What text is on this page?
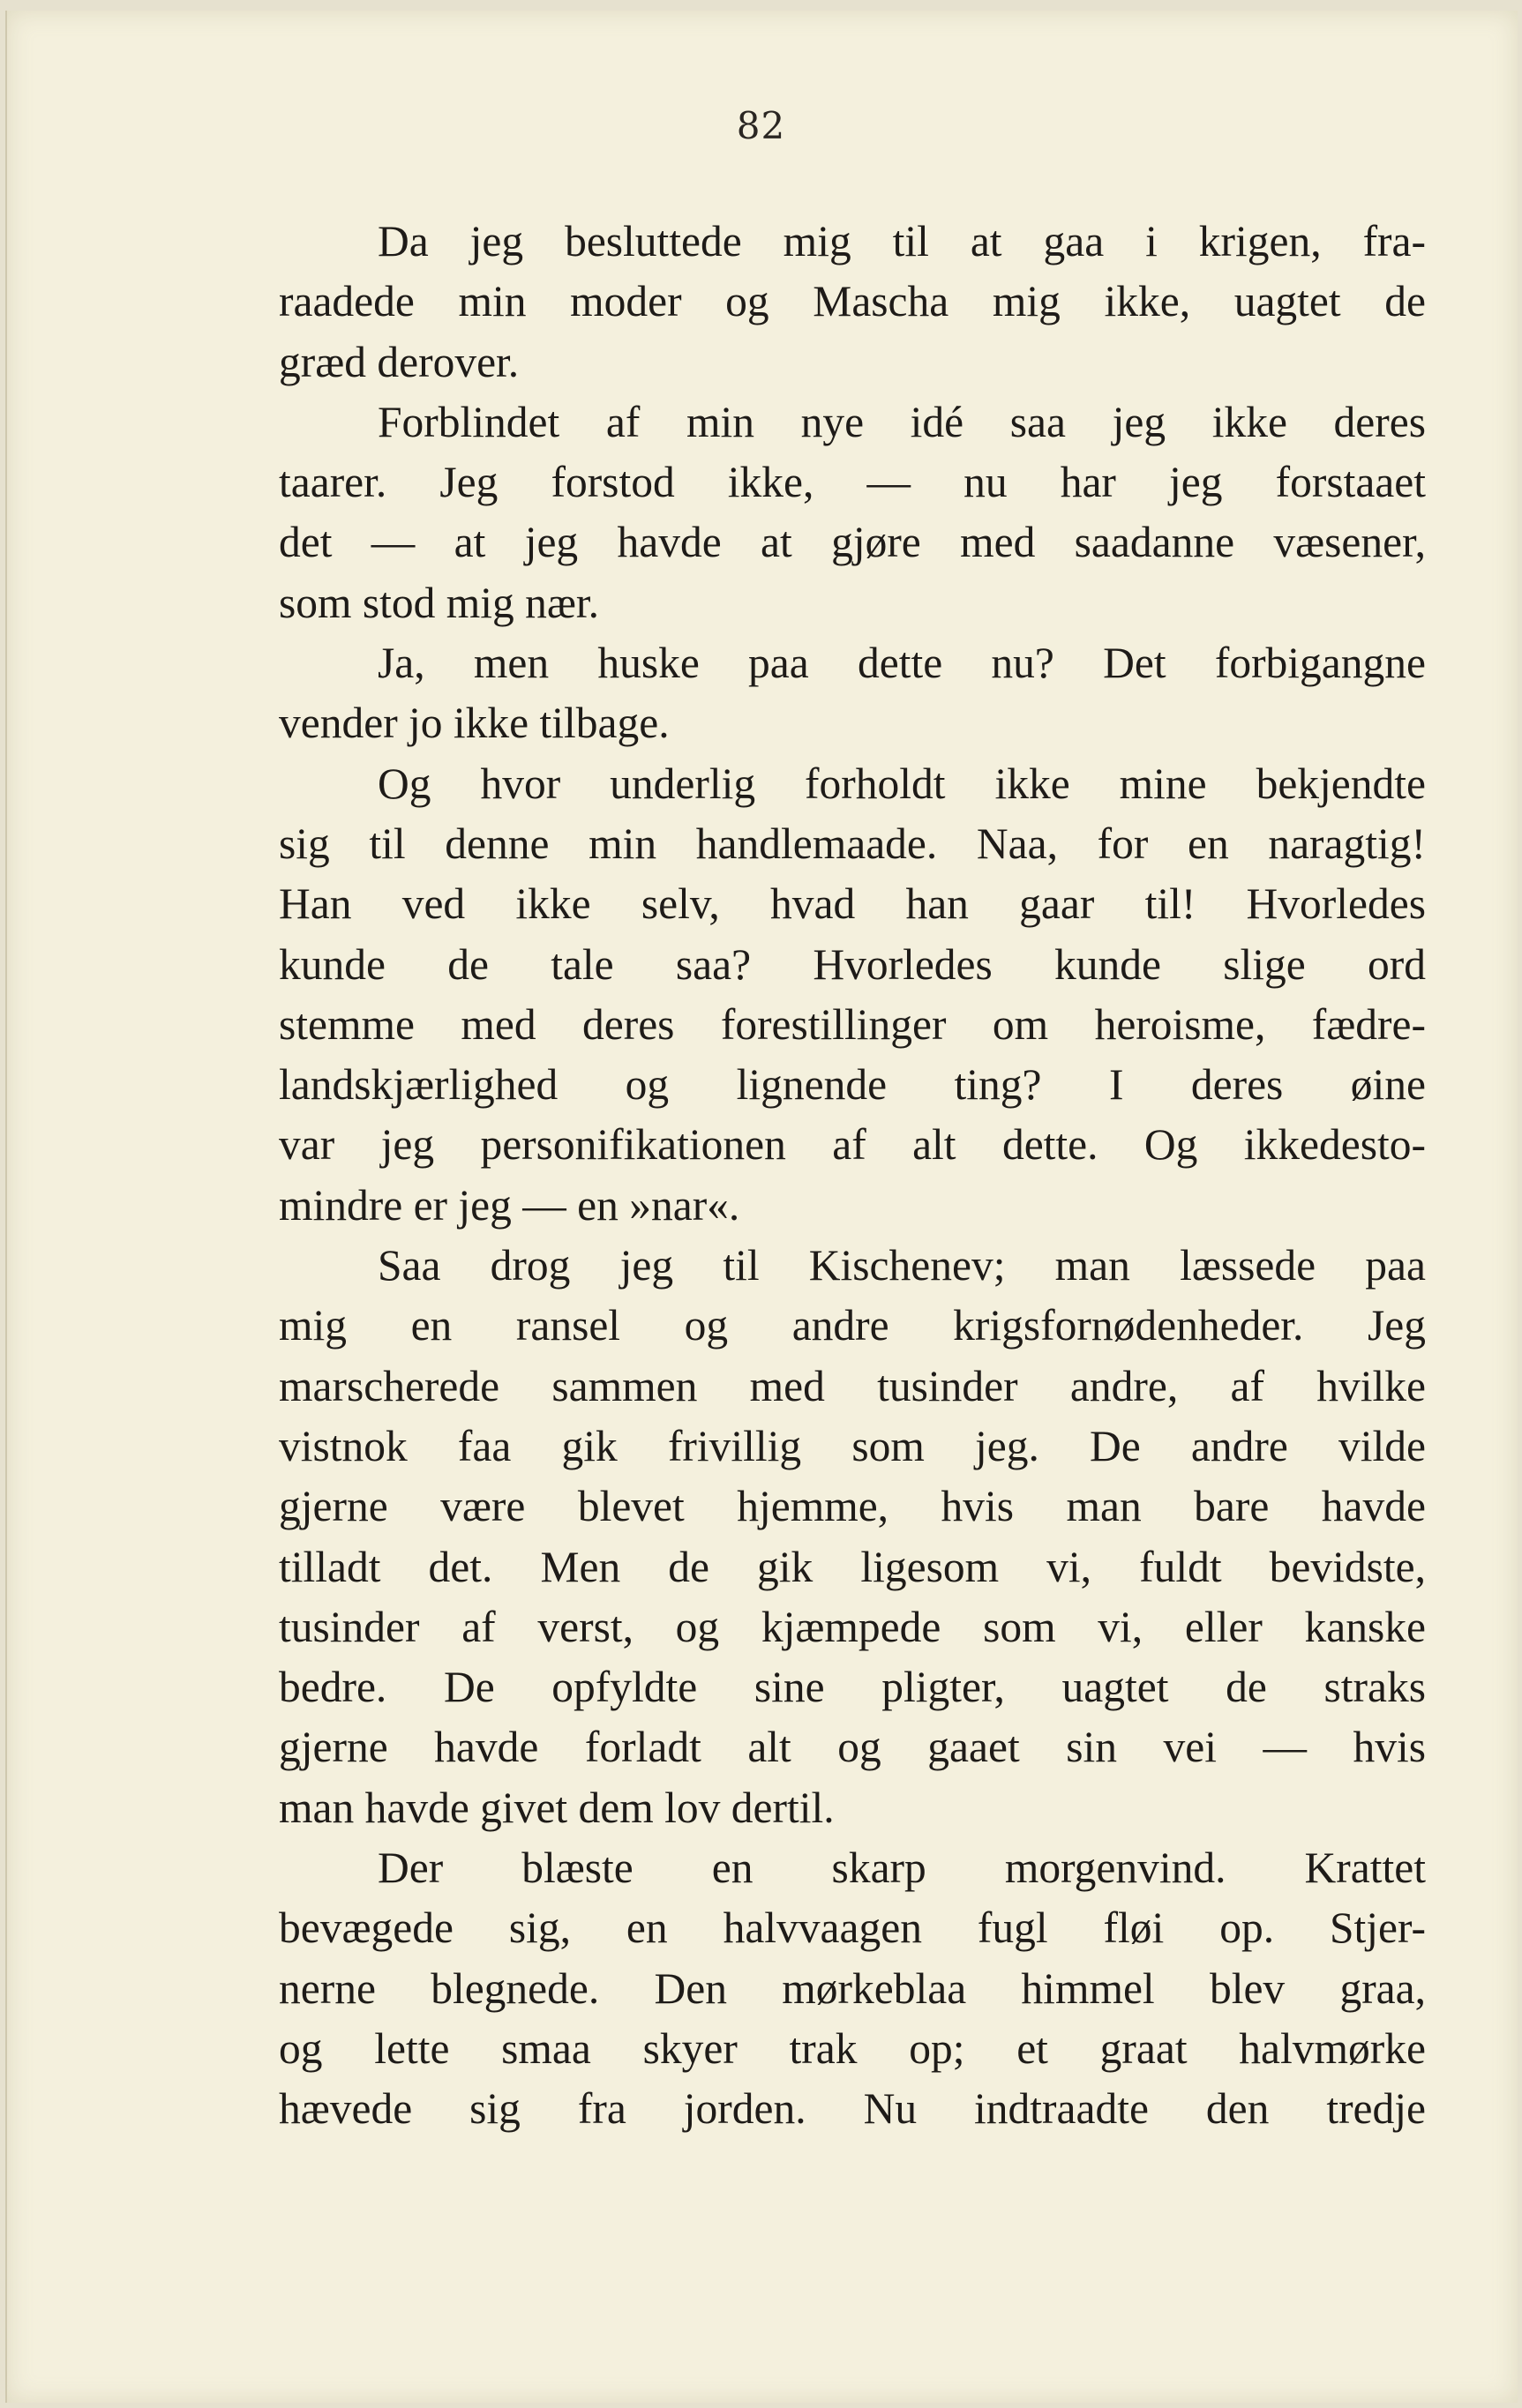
82
Da jeg besluttede mig til at gaa i krigen, fra-
raadede min moder og Mascha mig ikke, uagtet de
græd derover.
Forblindet af min nye idé saa jeg ikke deres
taarer. Jeg forstod ikke, — nu har jeg forstaaet
det — at jeg havde at gjøre med saadanne væsener,
som stod mig nær.
Ja, men huske paa dette nu? Det forbigangne
vender jo ikke tilbage.
Og hvor underlig forholdt ikke mine bekjendte
sig til denne min handlemaade. Naa, for en naragtig!
Han ved ikke selv, hvad han gaar til! Hvorledes
kunde de tale saa? Hvorledes kunde slige ord
stemme med deres forestillinger om heroisme, fædre-
landskjærlighed og lignende ting? I deres øine
var jeg personifikationen af alt dette. Og ikkedesto-
mindre er jeg — en »nar«.
Saa drog jeg til Kischenev; man læssede paa
mig en ransel og andre krigsfornødenheder. Jeg
marscherede sammen med tusinder andre, af hvilke
vistnok faa gik frivillig som jeg. De andre vilde
gjerne være blevet hjemme, hvis man bare havde
tilladt det. Men de gik ligesom vi, fuldt bevidste,
tusinder af verst, og kjæmpede som vi, eller kanske
bedre. De opfyldte sine pligter, uagtet de straks
gjerne havde forladt alt og gaaet sin vei — hvis
man havde givet dem lov dertil.
Der blæste en skarp morgenvind. Krattet
bevægede sig, en halvvaagen fugl fløi op. Stjer-
nerne blegnede. Den mørkeblaa himmel blev graa,
og lette smaa skyer trak op; et graat halvmørke
hævede sig fra jorden. Nu indtraadte den tredje
